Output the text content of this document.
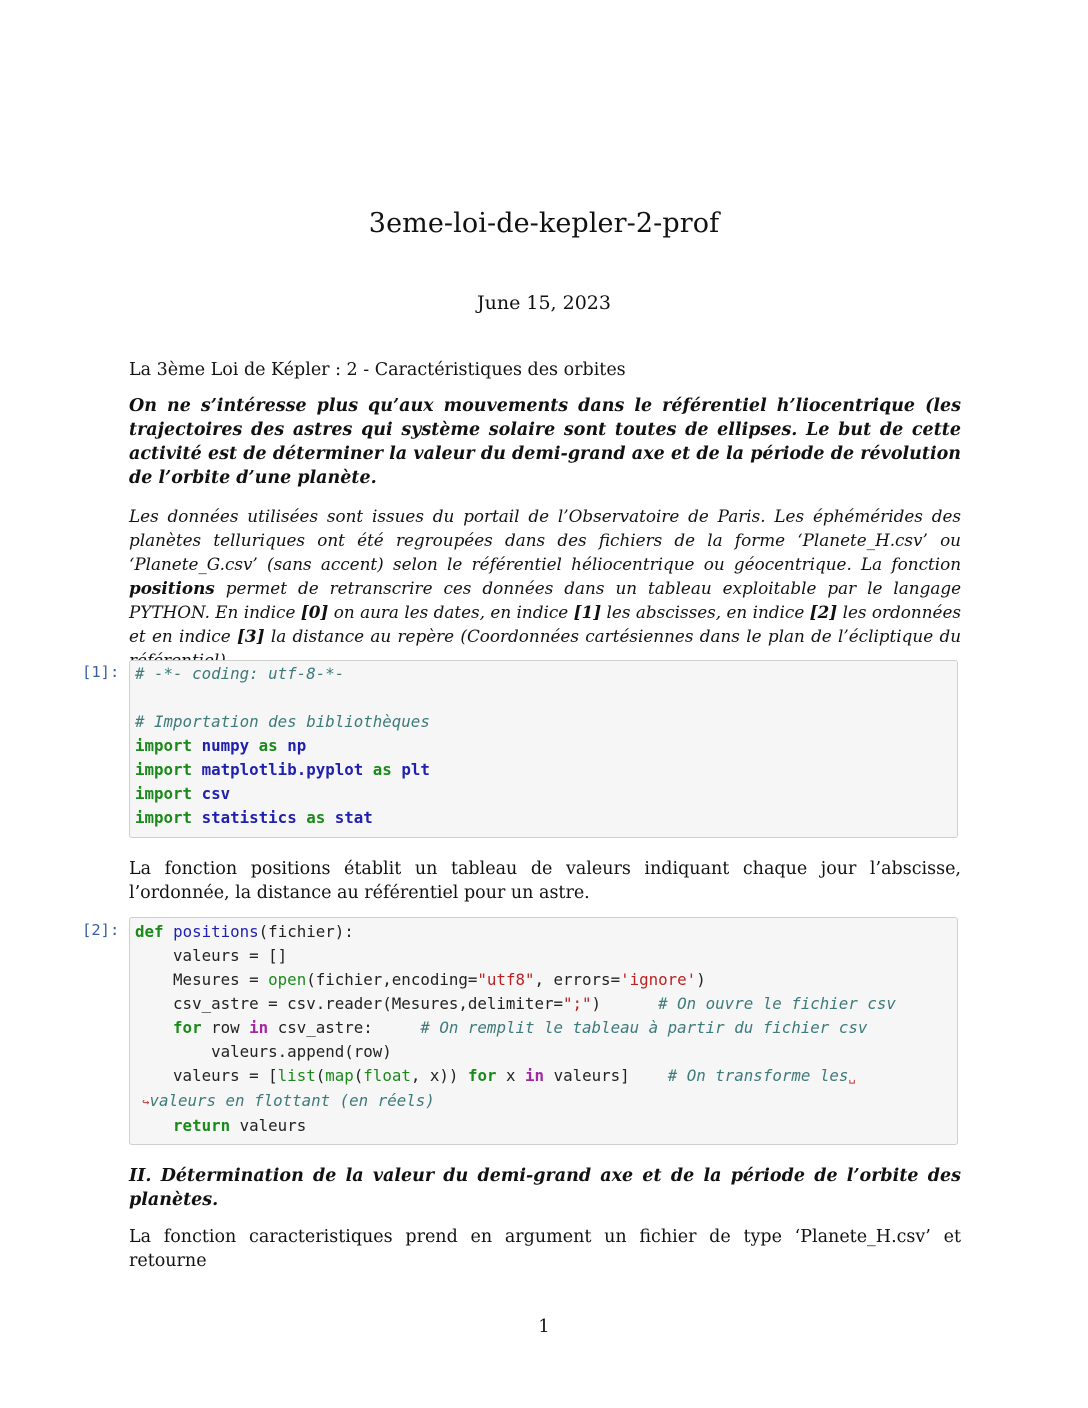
3eme-loi-de-kepler-2-prof
June 15, 2023
La 3ème Loi de Képler : 2 - Caractéristiques des orbites
On ne s’intéresse plus qu’aux mouvements dans le référentiel h’liocentrique (les trajectoires des astres qui système solaire sont toutes de ellipses. Le but de cette activité est de déterminer la valeur du demi-grand axe et de la période de révolution de l’orbite d’une planète.
Les données utilisées sont issues du portail de l’Observatoire de Paris. Les éphémérides des planètes telluriques ont été regroupées dans des fichiers de la forme ‘Planete_H.csv’ ou ‘Planete_G.csv’ (sans accent) selon le référentiel héliocentrique ou géocentrique. La fonction positions permet de retranscrire ces données dans un tableau exploitable par le langage PYTHON. En indice [0] on aura les dates, en indice [1] les abscisses, en indice [2] les ordonnées et en indice [3] la distance au repère (Coordonnées cartésiennes dans le plan de l’écliptique du
[1]: # -*- coding: utf-8-*-

# Importation des bibliothèques
import numpy as np
import matplotlib.pyplot as plt
import csv
import statistics as stat
La fonction positions établit un tableau de valeurs indiquant chaque jour l’abscisse, l’ordonnée, la distance au référentiel pour un astre.
[2]: def positions(fichier):
valeurs = []
Mesures = open(fichier,encoding="utf8", errors='ignore')
csv_astre = csv.reader(Mesures,delimiter=";")      # On ouvre le fichier csv
for row in csv_astre:     # On remplit le tableau à partir du fichier csv
valeurs.append(row)
valeurs = [list(map(float, x)) for x in valeurs]    # On transforme les␣
↪valeurs en flottant (en réels)
return valeurs
II. Détermination de la valeur du demi-grand axe et de la période de l’orbite des planètes.
La fonction caracteristiques prend en argument un fichier de type ‘Planete_H.csv’ et retourne
1
